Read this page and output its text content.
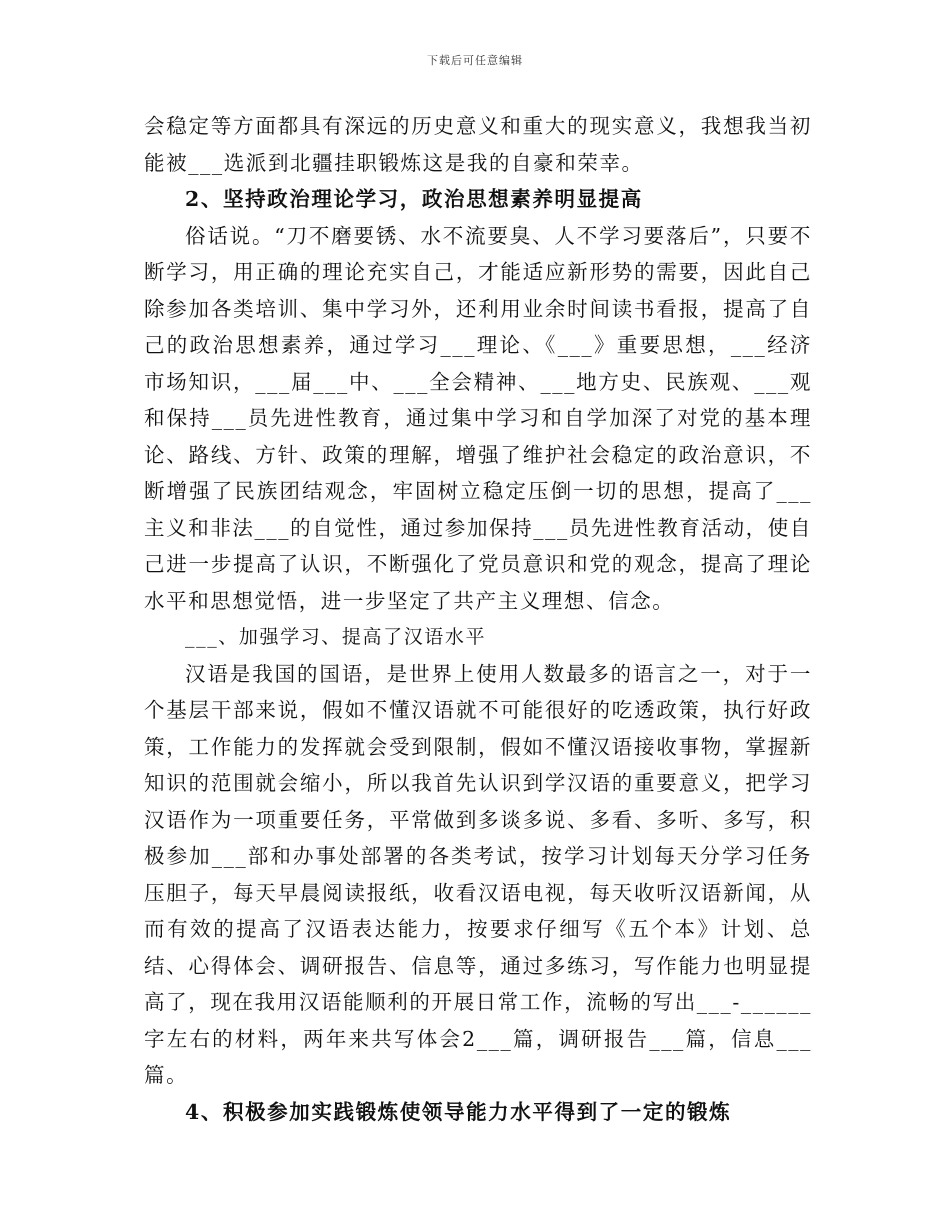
下载后可任意编辑

会稳定等方面都具有深远的历史意义和重大的现实意义，我想我当初能被___选派到北疆挂职锻炼这是我的自豪和荣幸。

2、坚持政治理论学习，政治思想素养明显提高

俗话说。“刀不磨要锈、水不流要臭、人不学习要落后”，只要不断学习，用正确的理论充实自己，才能适应新形势的需要，因此自己除参加各类培训、集中学习外，还利用业余时间读书看报，提高了自己的政治思想素养，通过学习___理论、《___》重要思想，___经济市场知识，___届___中、___全会精神、___地方史、民族观、___观和保持___员先进性教育，通过集中学习和自学加深了对党的基本理论、路线、方针、政策的理解，增强了维护社会稳定的政治意识，不断增强了民族团结观念，牢固树立稳定压倒一切的思想，提高了___主义和非法___的自觉性，通过参加保持___员先进性教育活动，使自己进一步提高了认识，不断强化了党员意识和党的观念，提高了理论水平和思想觉悟，进一步坚定了共产主义理想、信念。

___、加强学习、提高了汉语水平

汉语是我国的国语，是世界上使用人数最多的语言之一，对于一个基层干部来说，假如不懂汉语就不可能很好的吃透政策，执行好政策，工作能力的发挥就会受到限制，假如不懂汉语接收事物，掌握新知识的范围就会缩小，所以我首先认识到学汉语的重要意义，把学习汉语作为一项重要任务，平常做到多谈多说、多看、多听、多写，积极参加___部和办事处部署的各类考试，按学习计划每天分学习任务压胆子，每天早晨阅读报纸，收看汉语电视，每天收听汉语新闻，从而有效的提高了汉语表达能力，按要求仔细写《五个本》计划、总结、心得体会、调研报告、信息等，通过多练习，写作能力也明显提高了，现在我用汉语能顺利的开展日常工作，流畅的写出___-______字左右的材料，两年来共写体会2___篇，调研报告___篇，信息___篇。

4、积极参加实践锻炼使领导能力水平得到了一定的锻炼
